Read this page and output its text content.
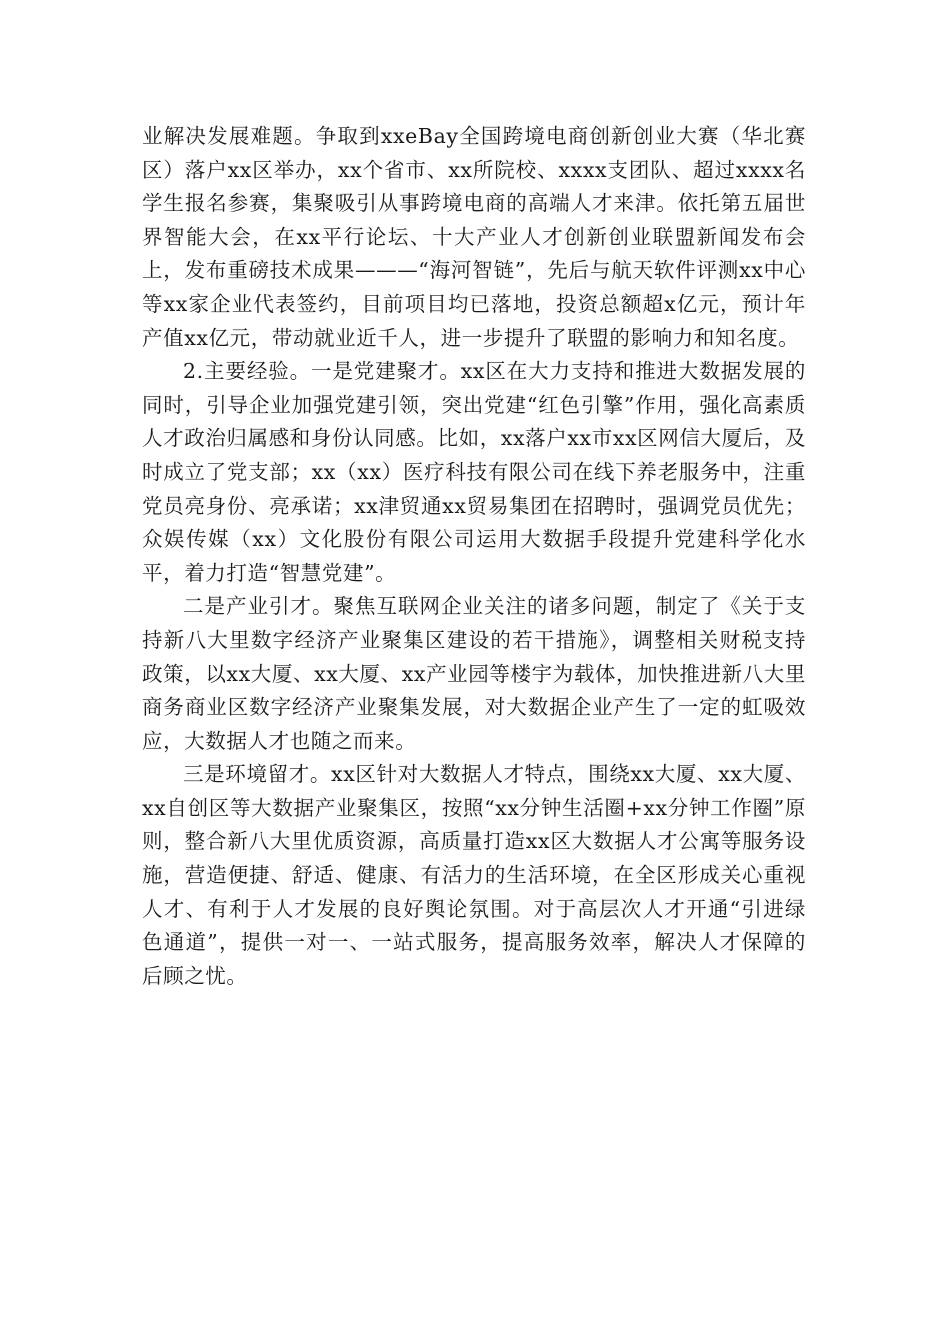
业解决发展难题。争取到xxeBay全国跨境电商创新创业大赛（华北赛区）落户xx区举办，xx个省市、xx所院校、xxxx支团队、超过xxxx名学生报名参赛，集聚吸引从事跨境电商的高端人才来津。依托第五届世界智能大会，在xx平行论坛、十大产业人才创新创业联盟新闻发布会上，发布重磅技术成果———“海河智链”，先后与航天软件评测xx中心等xx家企业代表签约，目前项目均已落地，投资总额超x亿元，预计年产值xx亿元，带动就业近千人，进一步提升了联盟的影响力和知名度。

2.主要经验。一是党建聚才。xx区在大力支持和推进大数据发展的同时，引导企业加强党建引领，突出党建“红色引擎”作用，强化高素质人才政治归属感和身份认同感。比如，xx落户xx市xx区网信大厦后，及时成立了党支部；xx（xx）医疗科技有限公司在线下养老服务中，注重党员亮身份、亮承诺；xx津贸通xx贸易集团在招聘时，强调党员优先；众娱传媒（xx）文化股份有限公司运用大数据手段提升党建科学化水平，着力打造“智慧党建”。

二是产业引才。聚焦互联网企业关注的诸多问题，制定了《关于支持新八大里数字经济产业聚集区建设的若干措施》，调整相关财税支持政策，以xx大厦、xx大厦、xx产业园等楼宇为载体，加快推进新八大里商务商业区数字经济产业聚集发展，对大数据企业产生了一定的虹吸效应，大数据人才也随之而来。

三是环境留才。xx区针对大数据人才特点，围绕xx大厦、xx大厦、xx自创区等大数据产业聚集区，按照“xx分钟生活圈+xx分钟工作圈”原则，整合新八大里优质资源，高质量打造xx区大数据人才公寓等服务设施，营造便捷、舒适、健康、有活力的生活环境，在全区形成关心重视人才、有利于人才发展的良好舆论氛围。对于高层次人才开通“引进绿色通道”，提供一对一、一站式服务，提高服务效率，解决人才保障的后顾之忧。
